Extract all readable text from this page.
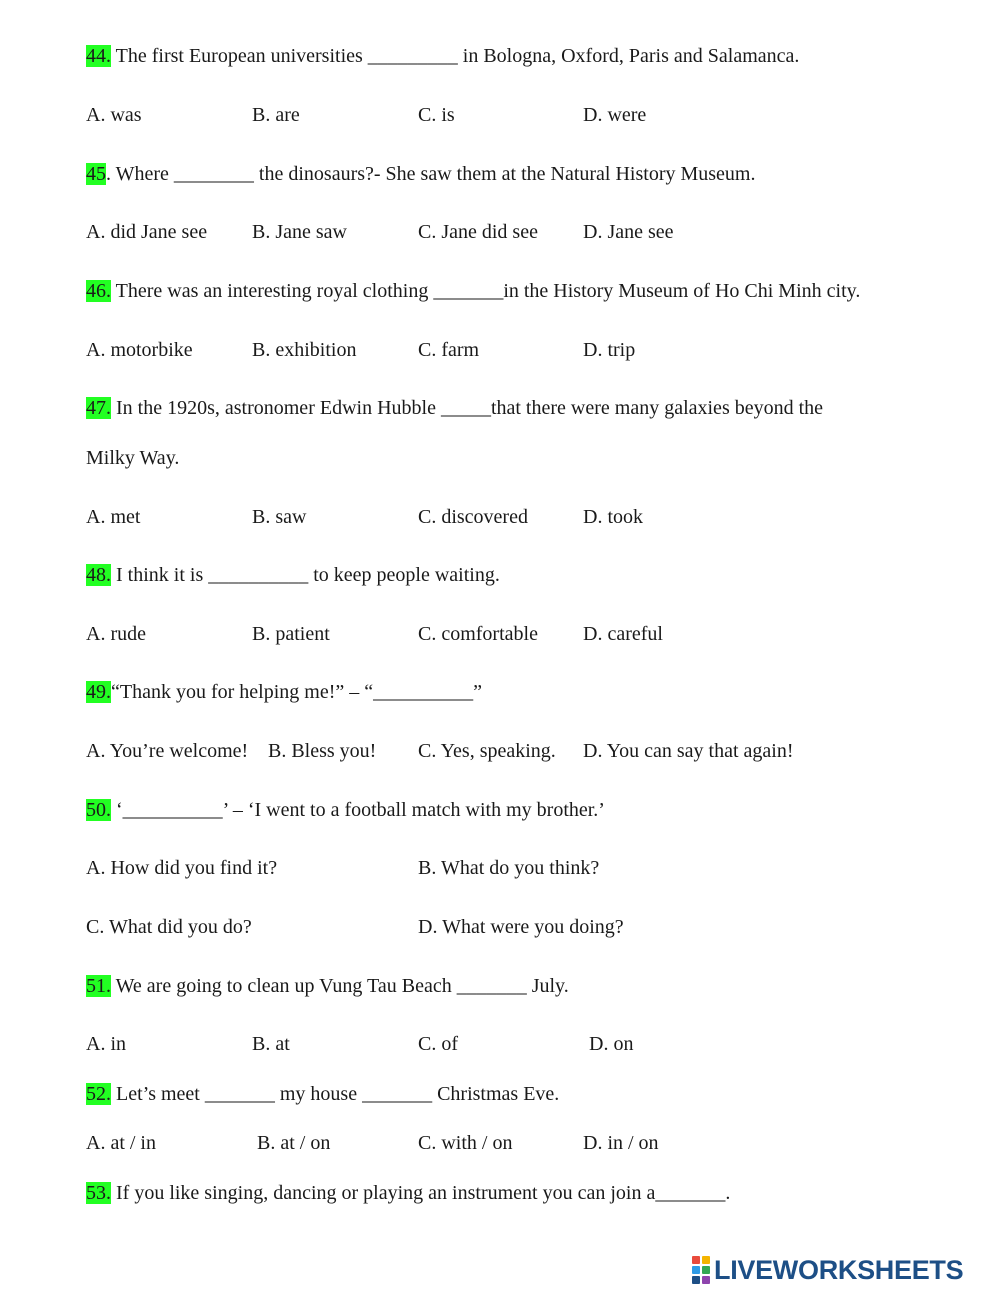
44. The first European universities _________ in Bologna, Oxford, Paris and Salamanca.
A. was	B. are	C. is	D. were
45. Where ________ the dinosaurs?- She saw them at the Natural History Museum.
A. did Jane see B. Jane saw	C. Jane did see D. Jane see
46. There was an interesting royal clothing _______in the History Museum of Ho Chi Minh city.
A. motorbike	B. exhibition	C. farm	D. trip
47. In the 1920s, astronomer Edwin Hubble _____that there were many galaxies beyond the
Milky Way.
A. met	B. saw	C. discovered	D. took
48. I think it is __________ to keep people waiting.
A. rude	B. patient	C. comfortable D. careful
49.“Thank you for helping me!” – “__________”
A. You’re welcome! B. Bless you! C. Yes, speaking. D. You can say that again!
50. ‘__________’ – ‘I went to a football match with my brother.’
A. How did you find it?	B. What do you think?
C. What did you do?	D. What were you doing?
51. We are going to clean up Vung Tau Beach _______ July.
A. in	B. at	C. of	D. on
52. Let’s meet _______ my house _______ Christmas Eve.
A. at / in	B. at / on	C. with / on	D. in / on
53. If you like singing, dancing or playing an instrument you can join a_______.
LIVEWORKSHEETS
